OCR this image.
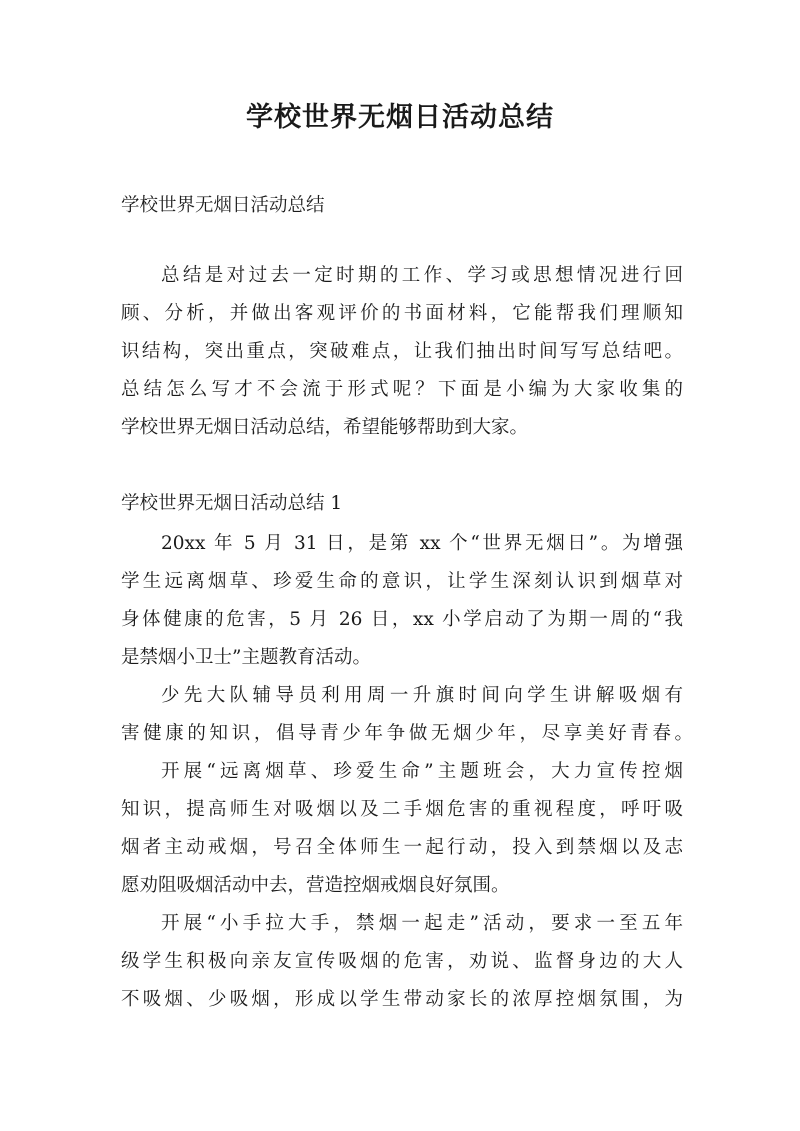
学校世界无烟日活动总结
学校世界无烟日活动总结
总结是对过去一定时期的工作、学习或思想情况进行回
顾、分析，并做出客观评价的书面材料，它能帮我们理顺知
识结构，突出重点，突破难点，让我们抽出时间写写总结吧。
总结怎么写才不会流于形式呢？下面是小编为大家收集的
学校世界无烟日活动总结，希望能够帮助到大家。
学校世界无烟日活动总结 1
20xx 年 5 月 31 日，是第 xx 个“世界无烟日”。为增强
学生远离烟草、珍爱生命的意识，让学生深刻认识到烟草对
身体健康的危害，5 月 26 日，xx 小学启动了为期一周的“我
是禁烟小卫士”主题教育活动。
少先大队辅导员利用周一升旗时间向学生讲解吸烟有
害健康的知识，倡导青少年争做无烟少年，尽享美好青春。
开展“远离烟草、珍爱生命”主题班会，大力宣传控烟
知识，提高师生对吸烟以及二手烟危害的重视程度，呼吁吸
烟者主动戒烟，号召全体师生一起行动，投入到禁烟以及志
愿劝阻吸烟活动中去，营造控烟戒烟良好氛围。
开展“小手拉大手，禁烟一起走”活动，要求一至五年
级学生积极向亲友宣传吸烟的危害，劝说、监督身边的大人
不吸烟、少吸烟，形成以学生带动家长的浓厚控烟氛围，为
